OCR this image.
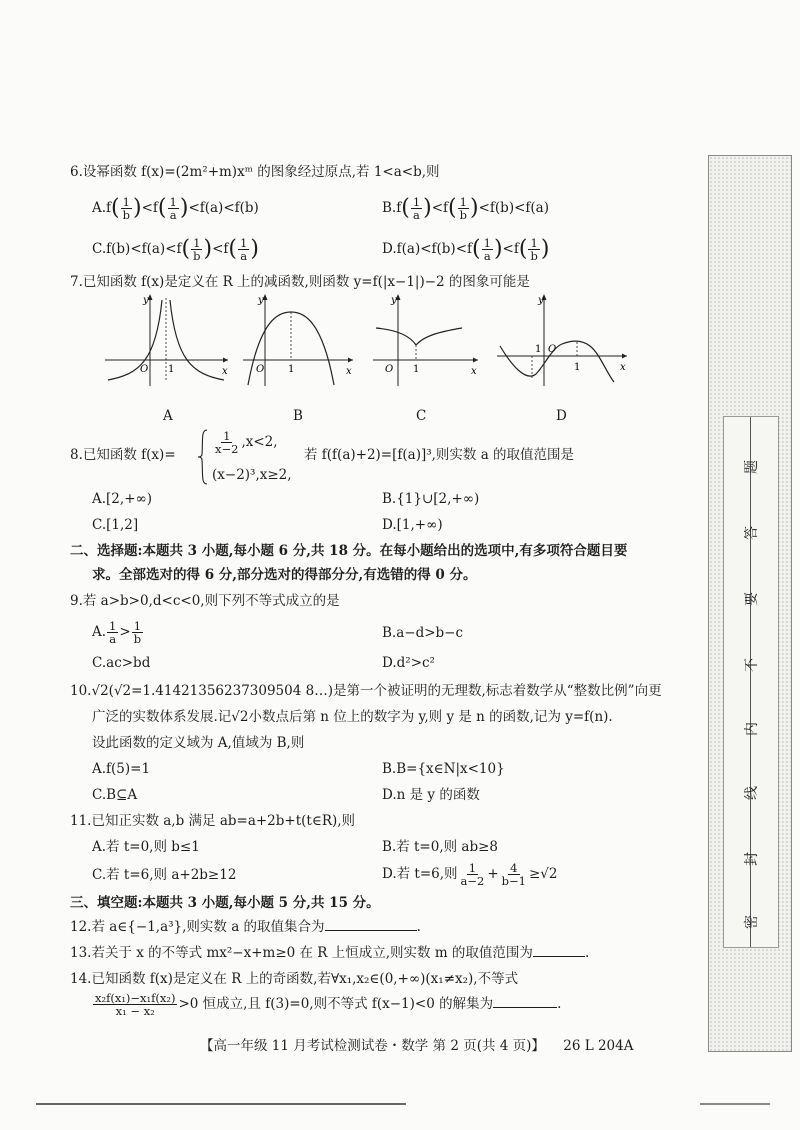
6.设幂函数 f(x)=(2m²+m)xᵐ 的图象经过原点,若 1<a<b,则
$A.f( \frac{1}{b} )<f( \frac{1}{a} )<f(a)<f(b)$	$B.f( \frac{1}{a} )<f( \frac{1}{b} )<f(b)<f(a)$
$C.f(b)<f(a)<f( \frac{1}{b} )<f( \frac{1}{a}$ )	$D.f(a)<f(b)<f( \frac{1}{a} )<f( \frac{1}{b}$ )
7.已知函数 f(x)是定义在 R 上的减函数,则函数 y=f(|x−1|)−2 的图象可能是
y
x
O 1
A
y
x
O 1
B
y
x
O 1
C
y
x
1 O
1
D
8.已知函数 f(x)=	$\frac{1}{x-2} ,x<2$,
(x−2)³,x≥2,
若 f(f(a)+2)=[f(a)]³,则实数 a 的取值范围是
A.[2,+∞)	B.{1}∪[2,+∞)
C.[1,2]	D.[1,+∞)
二、选择题:本题共 3 小题,每小题 6 分,共 18 分。在每小题给出的选项中,有多项符合题目要
求。全部选对的得 6 分,部分选对的得部分分,有选错的得 0 分。
9.若 a>b>0,d<c<0,则下列不等式成立的是
A. $\frac{1}{a} > \frac{1}{b}$	B.a−d>b−c
C.ac>bd	D.d²>c²
10.√2(√2=1.41421356237309504 8…)是第一个被证明的无理数,标志着数学从“整数比例”向更
广泛的实数体系发展.记√2小数点后第 n 位上的数字为 y,则 y 是 n 的函数,记为 y=f(n).
设此函数的定义域为 A,值域为 B,则
A.f(5)=1	B.B={x∈N|x<10}
C.B⊆A	D.n 是 y 的函数
11.已知正实数 a,b 满足 ab=a+2b+t(t∈R),则
A.若 t=0,则 b≤1	B.若 t=0,则 ab≥8
C.若 t=6,则 a+2b≥12	D.若 t=6,则 $\frac{1}{a-2} + \frac{4}{b-1} \ge√2$
三、填空题:本题共 3 小题,每小题 5 分,共 15 分。
12.若 a∈{−1,a³},则实数 a 的取值集合为	.
13.若关于 x 的不等式 mx²−x+m≥0 在 R 上恒成立,则实数 m 的取值范围为	.
14.已知函数 f(x)是定义在 R 上的奇函数,若∀x₁,x₂∈(0,+∞)(x₁≠x₂),不等式
$\frac{\text{x₂f(x₁)−x₁f(x₂)}}{\text{x₁ − x₂}} >0$ 恒成立,且 f(3)=0,则不等式 f(x−1)<0 的解集为	.
【高一年级 11 月考试检测试卷・数学 第 2 页(共 4 页)】 26 L 204A
密
封
线
内
不
要
答
题
